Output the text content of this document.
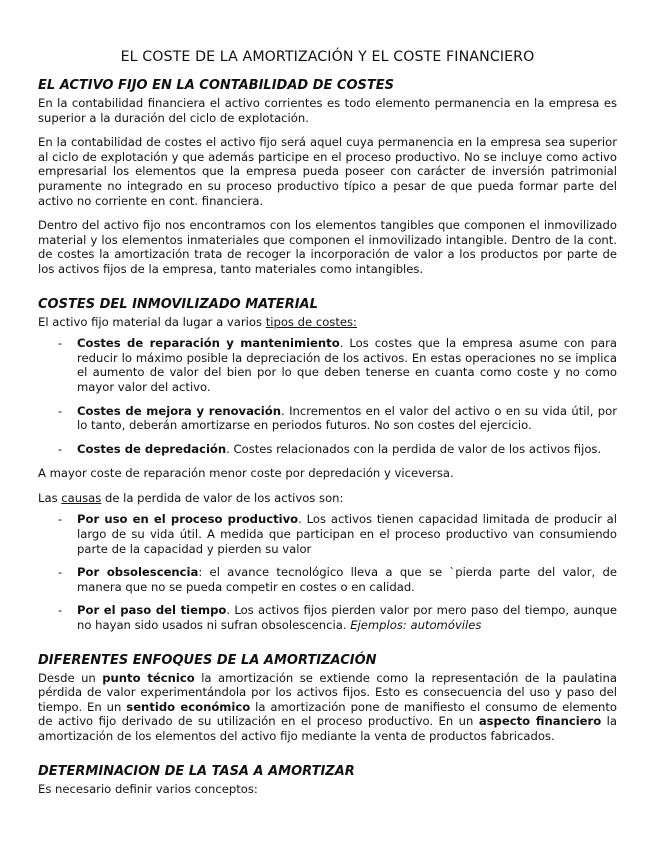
EL COSTE DE LA AMORTIZACIÓN Y EL COSTE FINANCIERO
EL ACTIVO FIJO EN LA CONTABILIDAD DE COSTES

En la contabilidad financiera el activo corrientes es todo elemento permanencia en la empresa es superior a la duración del ciclo de explotación.

En la contabilidad de costes el activo fijo será aquel cuya permanencia en la empresa sea superior al ciclo de explotación y que además participe en el proceso productivo. No se incluye como activo empresarial los elementos que la empresa pueda poseer con carácter de inversión patrimonial puramente no integrado en su proceso productivo típico a pesar de que pueda formar parte del activo no corriente en cont. financiera.

Dentro del activo fijo nos encontramos con los elementos tangibles que componen el inmovilizado material y los elementos inmateriales que componen el inmovilizado intangible. Dentro de la cont. de costes la amortización trata de recoger la incorporación de valor a los productos por parte de los activos fijos de la empresa, tanto materiales como intangibles.

COSTES DEL INMOVILIZADO MATERIAL

El activo fijo material da lugar a varios tipos de costes:

- Costes de reparación y mantenimiento. Los costes que la empresa asume con para reducir lo máximo posible la depreciación de los activos. En estas operaciones no se implica el aumento de valor del bien por lo que deben tenerse en cuanta como coste y no como mayor valor del activo.
- Costes de mejora y renovación. Incrementos en el valor del activo o en su vida útil, por lo tanto, deberán amortizarse en periodos futuros. No son costes del ejercicio.
- Costes de depredación. Costes relacionados con la perdida de valor de los activos fijos.

A mayor coste de reparación menor coste por depredación y viceversa.

Las causas de la perdida de valor de los activos son:

- Por uso en el proceso productivo. Los activos tienen capacidad limitada de producir al largo de su vida útil. A medida que participan en el proceso productivo van consumiendo parte de la capacidad y pierden su valor
- Por obsolescencia: el avance tecnológico lleva a que se `pierda parte del valor, de manera que no se pueda competir en costes o en calidad.
- Por el paso del tiempo. Los activos fijos pierden valor por mero paso del tiempo, aunque no hayan sido usados ni sufran obsolescencia. Ejemplos: automóviles
DIFERENTES ENFOQUES DE LA AMORTIZACIÓN

Desde un punto técnico la amortización se extiende como la representación de la paulatina pérdida de valor experimentándola por los activos fijos. Esto es consecuencia del uso y paso del tiempo. En un sentido económico la amortización pone de manifiesto el consumo de elemento de activo fijo derivado de su utilización en el proceso productivo. En un aspecto financiero la amortización de los elementos del activo fijo mediante la venta de productos fabricados.

DETERMINACION DE LA TASA A AMORTIZAR

Es necesario definir varios conceptos:
